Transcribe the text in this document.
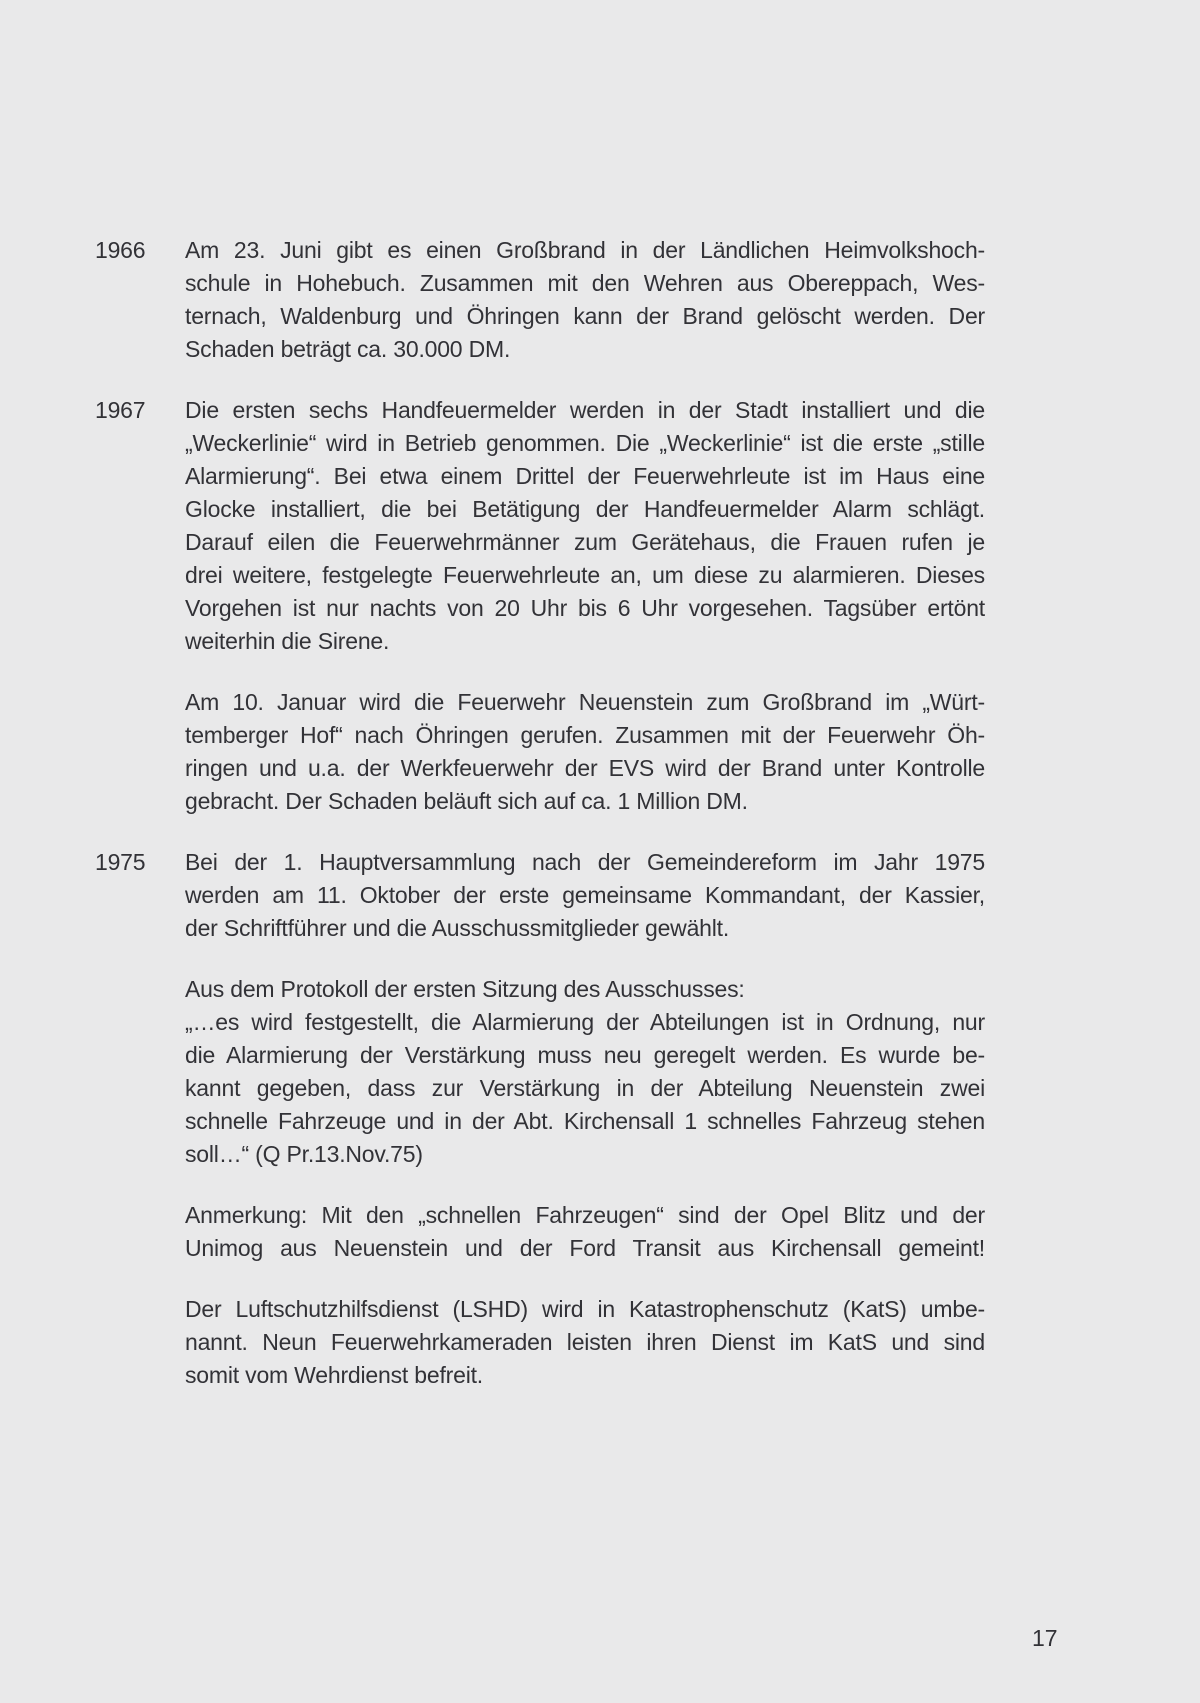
1966	Am 23. Juni gibt es einen Großbrand in der Ländlichen Heimvolkshoch-
schule in Hohebuch. Zusammen mit den Wehren aus Obereppach, Wes-
ternach, Waldenburg und Öhringen kann der Brand gelöscht werden. Der
Schaden beträgt ca. 30.000 DM.
1967	Die ersten sechs Handfeuermelder werden in der Stadt installiert und die
„Weckerlinie“ wird in Betrieb genommen. Die „Weckerlinie“ ist die erste „stille
Alarmierung“. Bei etwa einem Drittel der Feuerwehrleute ist im Haus eine
Glocke installiert, die bei Betätigung der Handfeuermelder Alarm schlägt.
Darauf eilen die Feuerwehrmänner zum Gerätehaus, die Frauen rufen je
drei weitere, festgelegte Feuerwehrleute an, um diese zu alarmieren. Dieses
Vorgehen ist nur nachts von 20 Uhr bis 6 Uhr vorgesehen. Tagsüber ertönt
weiterhin die Sirene.
Am 10. Januar wird die Feuerwehr Neuenstein zum Großbrand im „Würt-
temberger Hof“ nach Öhringen gerufen. Zusammen mit der Feuerwehr Öh-
ringen und u.a. der Werkfeuerwehr der EVS wird der Brand unter Kontrolle
gebracht. Der Schaden beläuft sich auf ca. 1 Million DM.
1975	Bei der 1. Hauptversammlung nach der Gemeindereform im Jahr 1975
werden am 11. Oktober der erste gemeinsame Kommandant, der Kassier,
der Schriftführer und die Ausschussmitglieder gewählt.
Aus dem Protokoll der ersten Sitzung des Ausschusses:
„…es wird festgestellt, die Alarmierung der Abteilungen ist in Ordnung, nur
die Alarmierung der Verstärkung muss neu geregelt werden. Es wurde be-
kannt gegeben, dass zur Verstärkung in der Abteilung Neuenstein zwei
schnelle Fahrzeuge und in der Abt. Kirchensall 1 schnelles Fahrzeug stehen
soll…“ (Q Pr.13.Nov.75)
Anmerkung: Mit den „schnellen Fahrzeugen“ sind der Opel Blitz und der
Unimog aus Neuenstein und der Ford Transit aus Kirchensall gemeint!
Der Luftschutzhilfsdienst (LSHD) wird in Katastrophenschutz (KatS) umbe-
nannt. Neun Feuerwehrkameraden leisten ihren Dienst im KatS und sind
somit vom Wehrdienst befreit.
17
